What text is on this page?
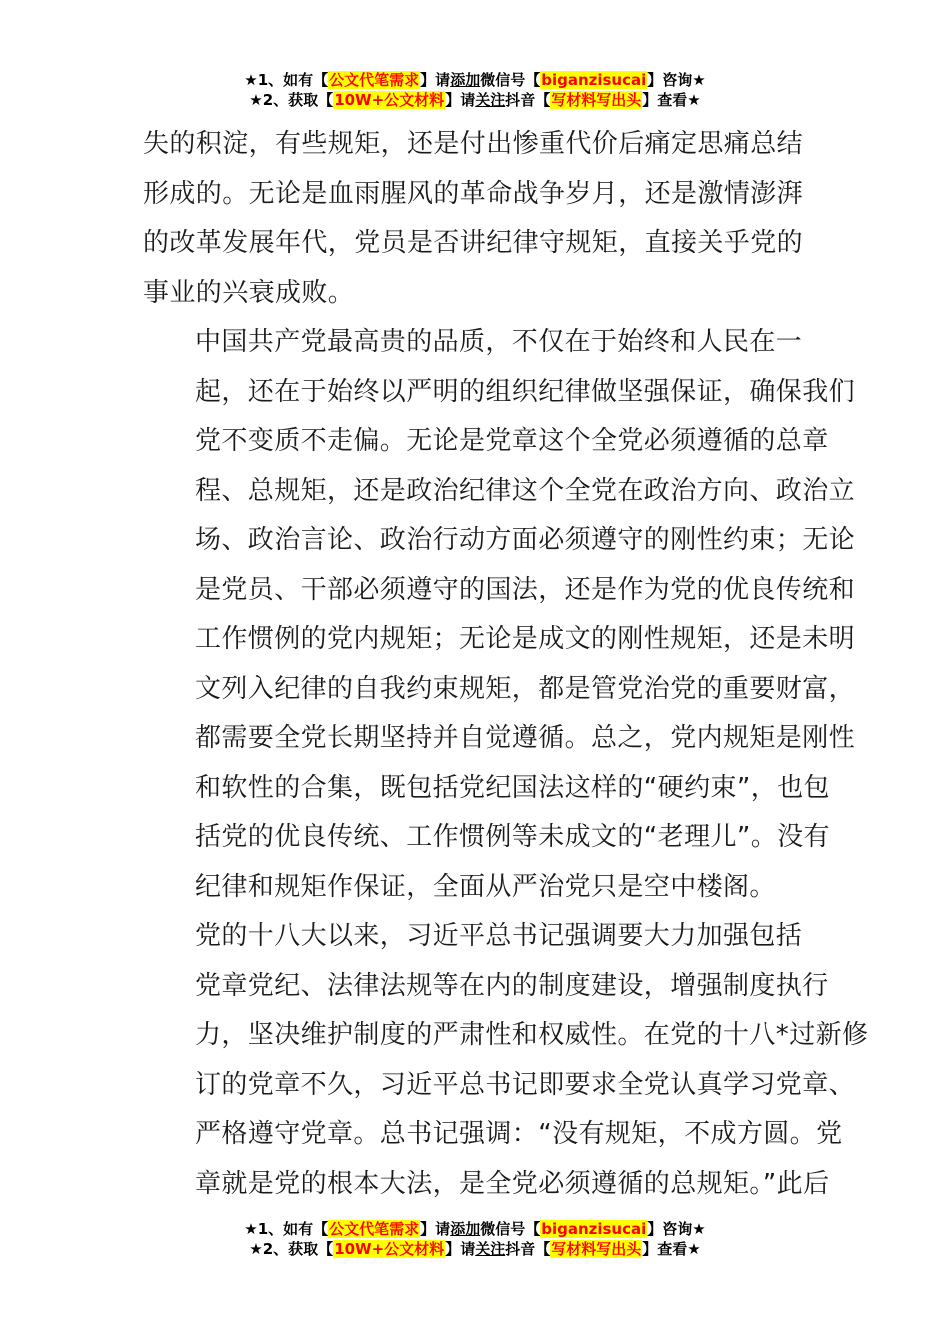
★1、如有【公文代笔需求】请添加微信号【biganzisucai】咨询★
★2、获取【10W+公文材料】请关注抖音【写材料写出头】查看★

失的积淀，有些规矩，还是付出惨重代价后痛定思痛总结
形成的。无论是血雨腥风的革命战争岁月，还是激情澎湃
的改革发展年代，党员是否讲纪律守规矩，直接关乎党的
事业的兴衰成败。

中国共产党最高贵的品质，不仅在于始终和人民在一
起，还在于始终以严明的组织纪律做坚强保证，确保我们
党不变质不走偏。无论是党章这个全党必须遵循的总章
程、总规矩，还是政治纪律这个全党在政治方向、政治立
场、政治言论、政治行动方面必须遵守的刚性约束；无论
是党员、干部必须遵守的国法，还是作为党的优良传统和
工作惯例的党内规矩；无论是成文的刚性规矩，还是未明
文列入纪律的自我约束规矩，都是管党治党的重要财富，
都需要全党长期坚持并自觉遵循。总之，党内规矩是刚性
和软性的合集，既包括党纪国法这样的“硬约束”，也包
括党的优良传统、工作惯例等未成文的“老理儿”。没有
纪律和规矩作保证，全面从严治党只是空中楼阁。

党的十八大以来，习近平总书记强调要大力加强包括
党章党纪、法律法规等在内的制度建设，增强制度执行
力，坚决维护制度的严肃性和权威性。在党的十八*过新修
订的党章不久，习近平总书记即要求全党认真学习党章、
严格遵守党章。总书记强调：“没有规矩，不成方圆。党
章就是党的根本大法，是全党必须遵循的总规矩。”此后

★1、如有【公文代笔需求】请添加微信号【biganzisucai】咨询★
★2、获取【10W+公文材料】请关注抖音【写材料写出头】查看★
